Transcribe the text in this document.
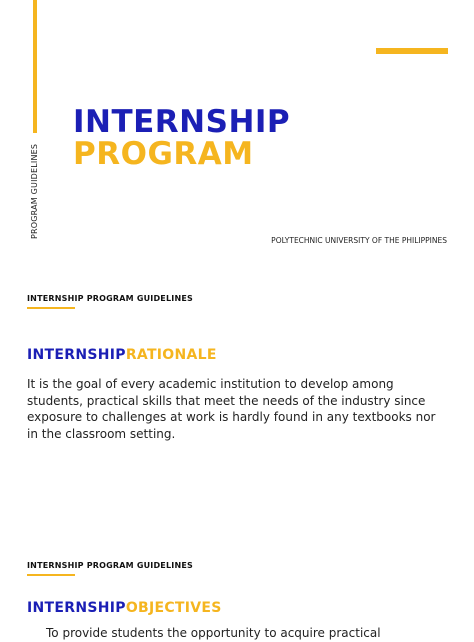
PROGRAM GUIDELINES
INTERNSHIP
PROGRAM
POLYTECHNIC UNIVERSITY OF THE PHILIPPINES
INTERNSHIP PROGRAM GUIDELINES
INTERNSHIPRATIONALE
It is the goal of every academic institution to develop among students, practical skills that meet the needs of the industry since exposure to challenges at work is hardly found in any textbooks nor in the classroom setting.
INTERNSHIP PROGRAM GUIDELINES
INTERNSHIPOBJECTIVES
To provide students the opportunity to acquire practical
